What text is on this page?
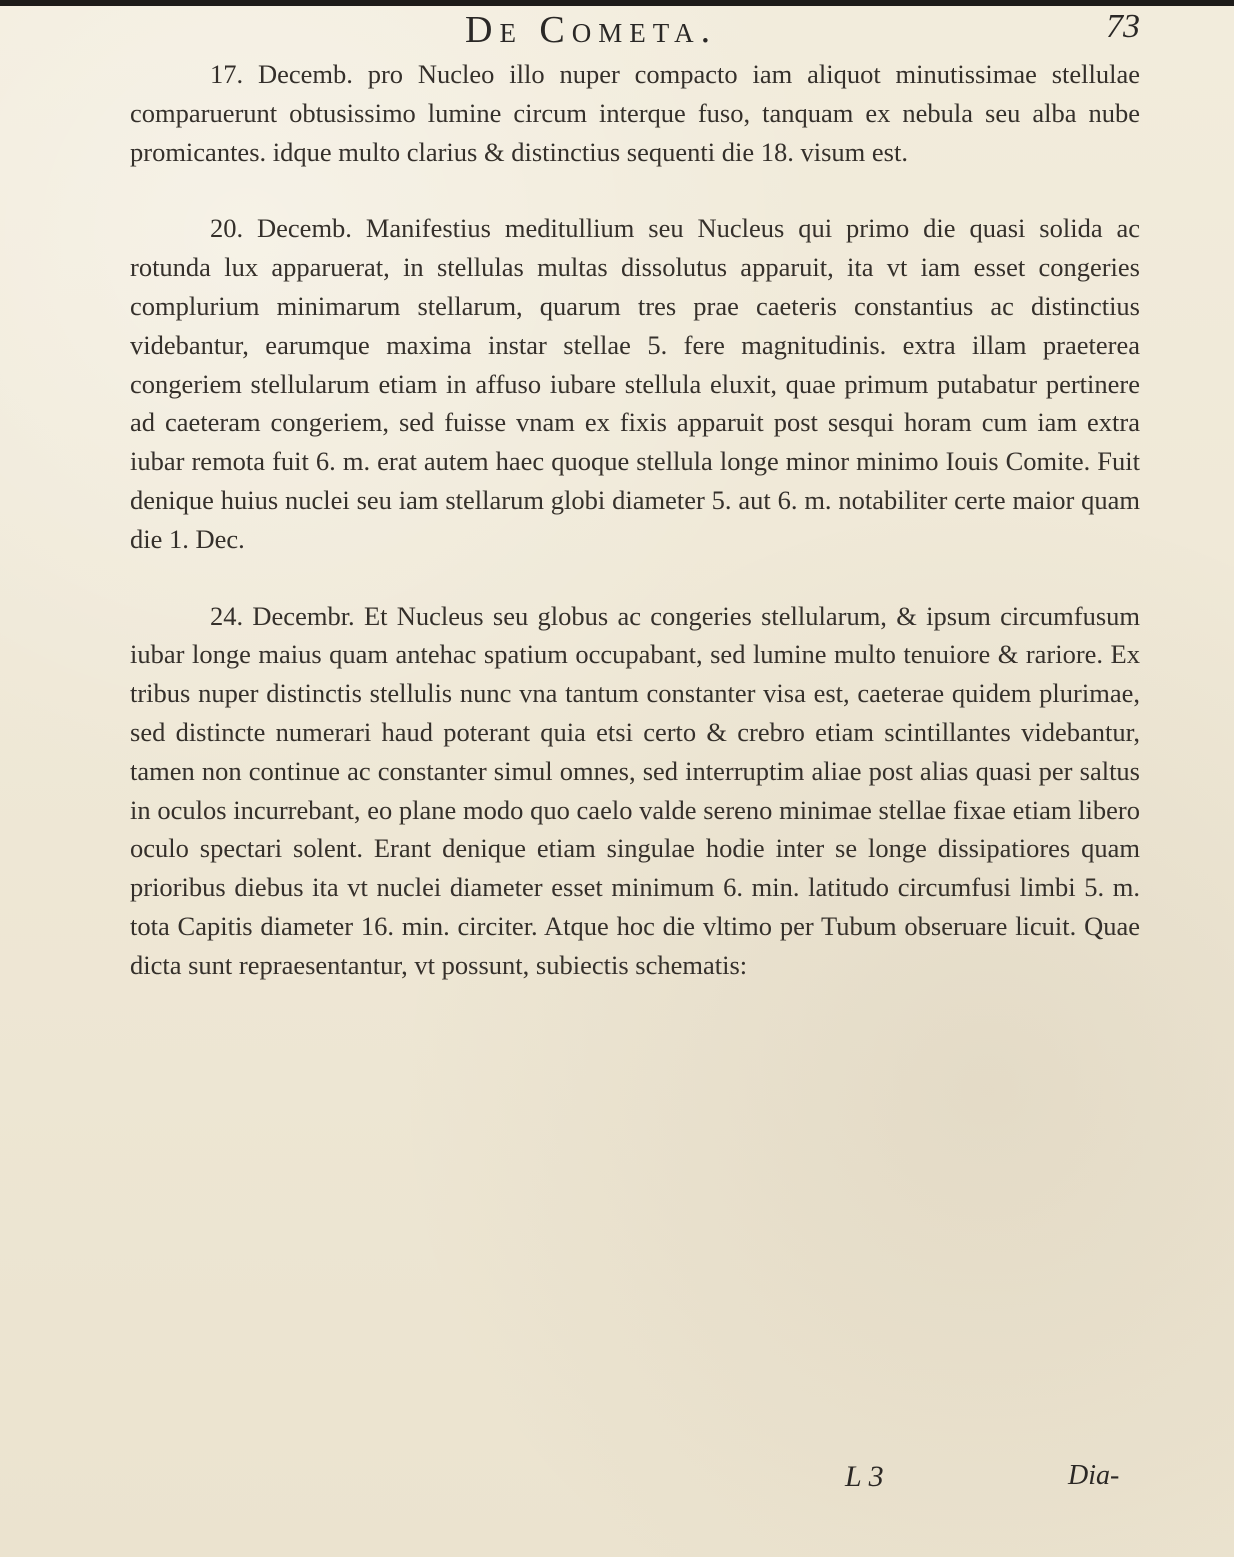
De Cometa.	73

17. Decemb. pro Nucleo illo nuper compacto iam aliquot minutissimae stellulae comparuerunt obtusissimo lumine circum interque fuso, tanquam ex nebula seu alba nube promicantes. idque multo clarius & distinctius sequenti die 18. visum est.

20. Decemb. Manifestius meditullium seu Nucleus qui primo die quasi solida ac rotunda lux apparuerat, in stellulas multas dissolutus apparuit, ita vt iam esset congeries complurium minimarum stellarum, quarum tres prae caeteris constantius ac distinctius videbantur, earumque maxima instar stellae 5. fere magnitudinis. extra illam praeterea congeriem stellularum etiam in affuso iubare stellula eluxit, quae primum putabatur pertinere ad caeteram congeriem, sed fuisse vnam ex fixis apparuit post sesqui horam cum iam extra iubar remota fuit 6. m. erat autem haec quoque stellula longe minor minimo Iouis Comite. Fuit denique huius nuclei seu iam stellarum globi diameter 5. aut 6. m. notabiliter certe maior quam die 1. Dec.

24. Decembr. Et Nucleus seu globus ac congeries stellularum, & ipsum circumfusum iubar longe maius quam antehac spatium occupabant, sed lumine multo tenuiore & rariore. Ex tribus nuper distinctis stellulis nunc vna tantum constanter visa est, caeterae quidem plurimae, sed distincte numerari haud poterant quia etsi certo & crebro etiam scintillantes videbantur, tamen non continue ac constanter simul omnes, sed interruptim aliae post alias quasi per saltus in oculos incurrebant, eo plane modo quo caelo valde sereno minimae stellae fixae etiam libero oculo spectari solent. Erant denique etiam singulae hodie inter se longe dissipatiores quam prioribus diebus ita vt nuclei diameter esset minimum 6. min. latitudo circumfusi limbi 5. m. tota Capitis diameter 16. min. circiter. Atque hoc die vltimo per Tubum obseruare licuit. Quae dicta sunt repraesentantur, vt possunt, subiectis schematis:

L 3	Dia-
